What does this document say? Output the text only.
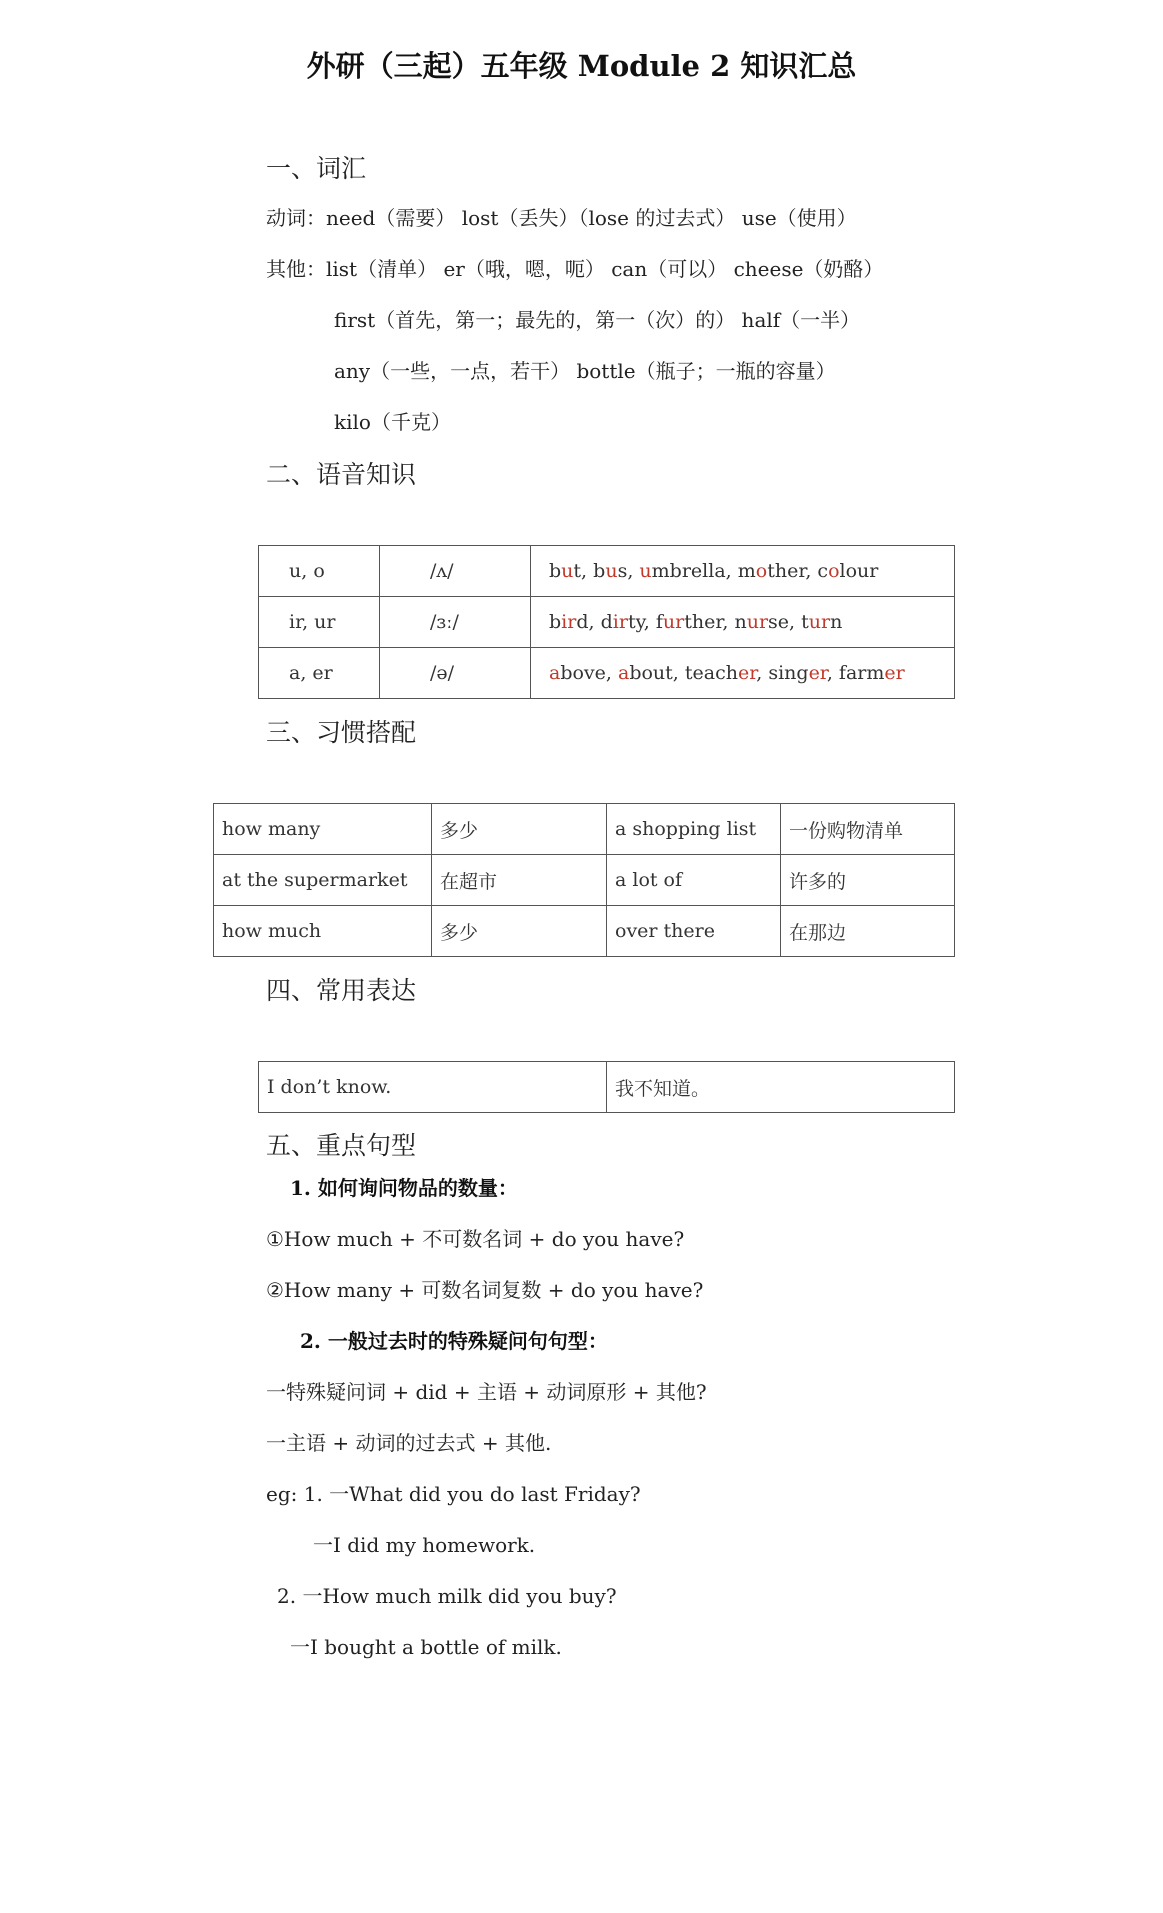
外研（三起）五年级 Module 2 知识汇总
一、词汇
动词：need（需要） lost（丢失）（lose 的过去式） use（使用）
其他：list（清单） er（哦，嗯，呃） can（可以） cheese（奶酪）
first（首先，第一；最先的，第一（次）的） half（一半）
any（一些，一点，若干） bottle（瓶子；一瓶的容量）
kilo（千克）
二、语音知识
u, o	/ʌ/	but, bus, umbrella, mother, colour
ir, ur	/ɜː/	bird, dirty, further, nurse, turn
a, er	/ə/	above, about, teacher, singer, farmer
三、习惯搭配
how many	多少	a shopping list	一份购物清单
at the supermarket	在超市	a lot of	许多的
how much	多少	over there	在那边
四、常用表达
I don’t know.	我不知道。
五、重点句型
1. 如何询问物品的数量：
①How much + 不可数名词 + do you have?
②How many + 可数名词复数 + do you have?
2. 一般过去时的特殊疑问句句型：
一特殊疑问词 + did + 主语 + 动词原形 + 其他?
一主语 + 动词的过去式 + 其他.
eg: 1. 一What did you do last Friday?
一I did my homework.
2. 一How much milk did you buy?
一I bought a bottle of milk.
